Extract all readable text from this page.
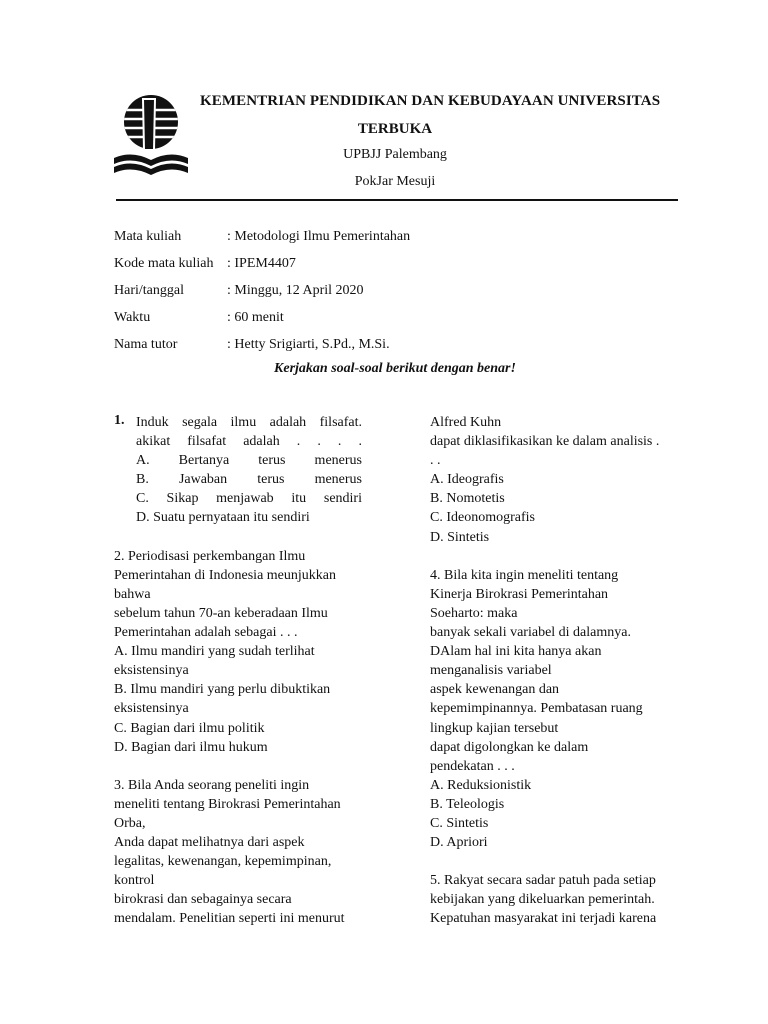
KEMENTRIAN PENDIDIKAN DAN KEBUDAYAAN UNIVERSITAS
TERBUKA
UPBJJ Palembang
PokJar Mesuji
Mata kuliah	: Metodologi Ilmu Pemerintahan
Kode mata kuliah : IPEM4407
Hari/tanggal	: Minggu, 12 April 2020
Waktu	: 60 menit
Nama tutor	: Hetty Srigiarti, S.Pd., M.Si.
Kerjakan soal-soal berikut dengan benar!
1. Induk segala ilmu adalah filsafat.
akikat filsafat adalah . . . .
A. Bertanya terus menerus
B. Jawaban terus menerus
C. Sikap menjawab itu sendiri
D. Suatu pernyataan itu sendiri

2. Periodisasi perkembangan Ilmu

Pemerintahan di Indonesia meunjukkan

bahwa

sebelum tahun 70-an keberadaan Ilmu

Pemerintahan adalah sebagai . . .

A. Ilmu mandiri yang sudah terlihat

eksistensinya

B. Ilmu mandiri yang perlu dibuktikan

eksistensinya

C. Bagian dari ilmu politik

D. Bagian dari ilmu hukum

3. Bila Anda seorang peneliti ingin

meneliti tentang Birokrasi Pemerintahan

Orba,

Anda dapat melihatnya dari aspek

legalitas, kewenangan, kepemimpinan,

kontrol

birokrasi dan sebagainya secara

mendalam. Penelitian seperti ini menurut

Alfred Kuhn

dapat diklasifikasikan ke dalam analisis .

. .

A. Ideografis

B. Nomotetis

C. Ideonomografis

D. Sintetis

4. Bila kita ingin meneliti tentang

Kinerja Birokrasi Pemerintahan

Soeharto: maka

banyak sekali variabel di dalamnya.

DAlam hal ini kita hanya akan

menganalisis variabel

aspek kewenangan dan

kepemimpinannya. Pembatasan ruang

lingkup kajian tersebut

dapat digolongkan ke dalam

pendekatan . . .

A. Reduksionistik

B. Teleologis

C. Sintetis

D. Apriori

5. Rakyat secara sadar patuh pada setiap

kebijakan yang dikeluarkan pemerintah.

Kepatuhan masyarakat ini terjadi karena
